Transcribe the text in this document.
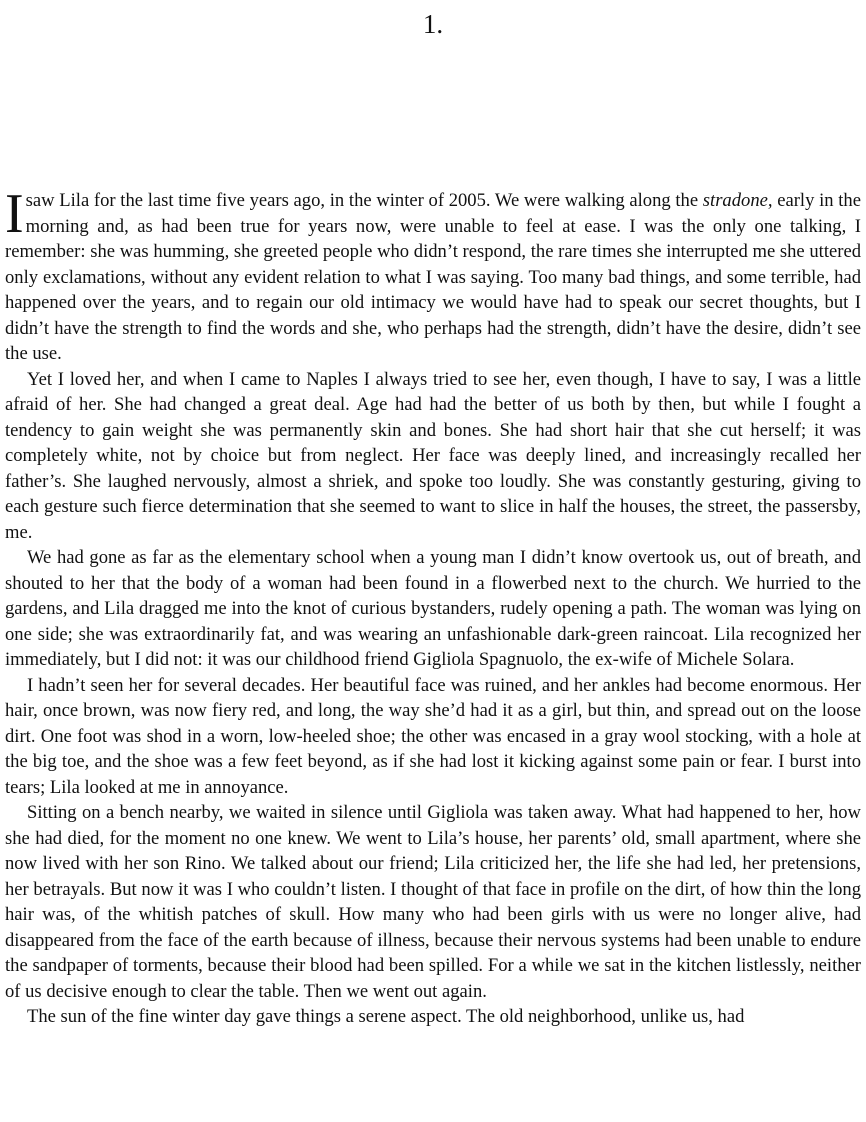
1.

Isaw Lila for the last time five years ago, in the winter of 2005. We were walking along the stradone, early in the morning and, as had been true for years now, were unable to feel at ease. I was the only one talking, I remember: she was humming, she greeted people who didn’t respond, the rare times she interrupted me she uttered only exclamations, without any evident relation to what I was saying. Too many bad things, and some terrible, had happened over the years, and to regain our old intimacy we would have had to speak our secret thoughts, but I didn’t have the strength to find the words and she, who perhaps had the strength, didn’t have the desire, didn’t see the use.

Yet I loved her, and when I came to Naples I always tried to see her, even though, I have to say, I was a little afraid of her. She had changed a great deal. Age had had the better of us both by then, but while I fought a tendency to gain weight she was permanently skin and bones. She had short hair that she cut herself; it was completely white, not by choice but from neglect. Her face was deeply lined, and increasingly recalled her father’s. She laughed nervously, almost a shriek, and spoke too loudly. She was constantly gesturing, giving to each gesture such fierce determination that she seemed to want to slice in half the houses, the street, the passersby, me.

We had gone as far as the elementary school when a young man I didn’t know overtook us, out of breath, and shouted to her that the body of a woman had been found in a flowerbed next to the church. We hurried to the gardens, and Lila dragged me into the knot of curious bystanders, rudely opening a path. The woman was lying on one side; she was extraordinarily fat, and was wearing an unfashionable dark-green raincoat. Lila recognized her immediately, but I did not: it was our childhood friend Gigliola Spagnuolo, the ex-wife of Michele Solara.

I hadn’t seen her for several decades. Her beautiful face was ruined, and her ankles had become enormous. Her hair, once brown, was now fiery red, and long, the way she’d had it as a girl, but thin, and spread out on the loose dirt. One foot was shod in a worn, low-heeled shoe; the other was encased in a gray wool stocking, with a hole at the big toe, and the shoe was a few feet beyond, as if she had lost it kicking against some pain or fear. I burst into tears; Lila looked at me in annoyance.

Sitting on a bench nearby, we waited in silence until Gigliola was taken away. What had happened to her, how she had died, for the moment no one knew. We went to Lila’s house, her parents’ old, small apartment, where she now lived with her son Rino. We talked about our friend; Lila criticized her, the life she had led, her pretensions, her betrayals. But now it was I who couldn’t listen. I thought of that face in profile on the dirt, of how thin the long hair was, of the whitish patches of skull. How many who had been girls with us were no longer alive, had disappeared from the face of the earth because of illness, because their nervous systems had been unable to endure the sandpaper of torments, because their blood had been spilled. For a while we sat in the kitchen listlessly, neither of us decisive enough to clear the table. Then we went out again.

The sun of the fine winter day gave things a serene aspect. The old neighborhood, unlike us, had
